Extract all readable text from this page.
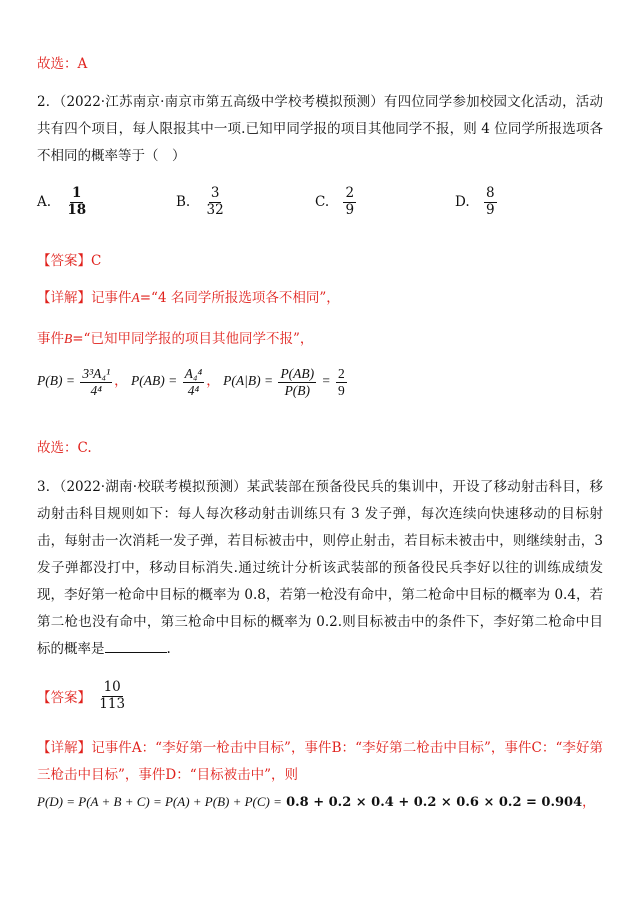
故选：A
2．（2022·江苏南京·南京市第五高级中学校考模拟预测）有四位同学参加校园文化活动，活动共有四个项目，每人限报其中一项.已知甲同学报的项目其他同学不报，则 4 位同学所报选项各不相同的概率等于（　）
A. $\frac{1}{18}$	B. $\frac{3}{32}$	C. $\frac{2}{9}$	D. $\frac{8}{9}$
【答案】C
【详解】记事件A=“4 名同学所报选项各不相同”，
事件B=“已知甲同学报的项目其他同学不报”，
$P(B) = \frac{\text{3³A₄¹}}{\text{4⁴}}$ ， $P(AB) = \frac{\text{A₄⁴}}{\text{4⁴}}$ ， $P(A|B) = \frac{P(AB)}{P(B)} = \frac{2}{9}$
故选：C.
3．（2022·湖南·校联考模拟预测）某武装部在预备役民兵的集训中，开设了移动射击科目，移动射击科目规则如下：每人每次移动射击训练只有 3 发子弹，每次连续向快速移动的目标射击，每射击一次消耗一发子弹，若目标被击中，则停止射击，若目标未被击中，则继续射击，3 发子弹都没打中，移动目标消失.通过统计分析该武装部的预备役民兵李好以往的训练成绩发现，李好第一枪命中目标的概率为 0.8，若第一枪没有命中，第二枪命中目标的概率为 0.4，若第二枪也没有命中，第三枪命中目标的概率为 0.2.则目标被击中的条件下，李好第二枪命中目标的概率是	.
【答案】 $\frac{10}{113}$
【详解】记事件A：“李好第一枪击中目标”，事件B：“李好第二枪击中目标”，事件C：“李好第三枪击中目标”，事件D：“目标被击中”，则
P(D) = P(A + B + C) = P(A) + P(B) + P(C) = 0.8 + 0.2 × 0.4 + 0.2 × 0.6 × 0.2 = 0.904，
